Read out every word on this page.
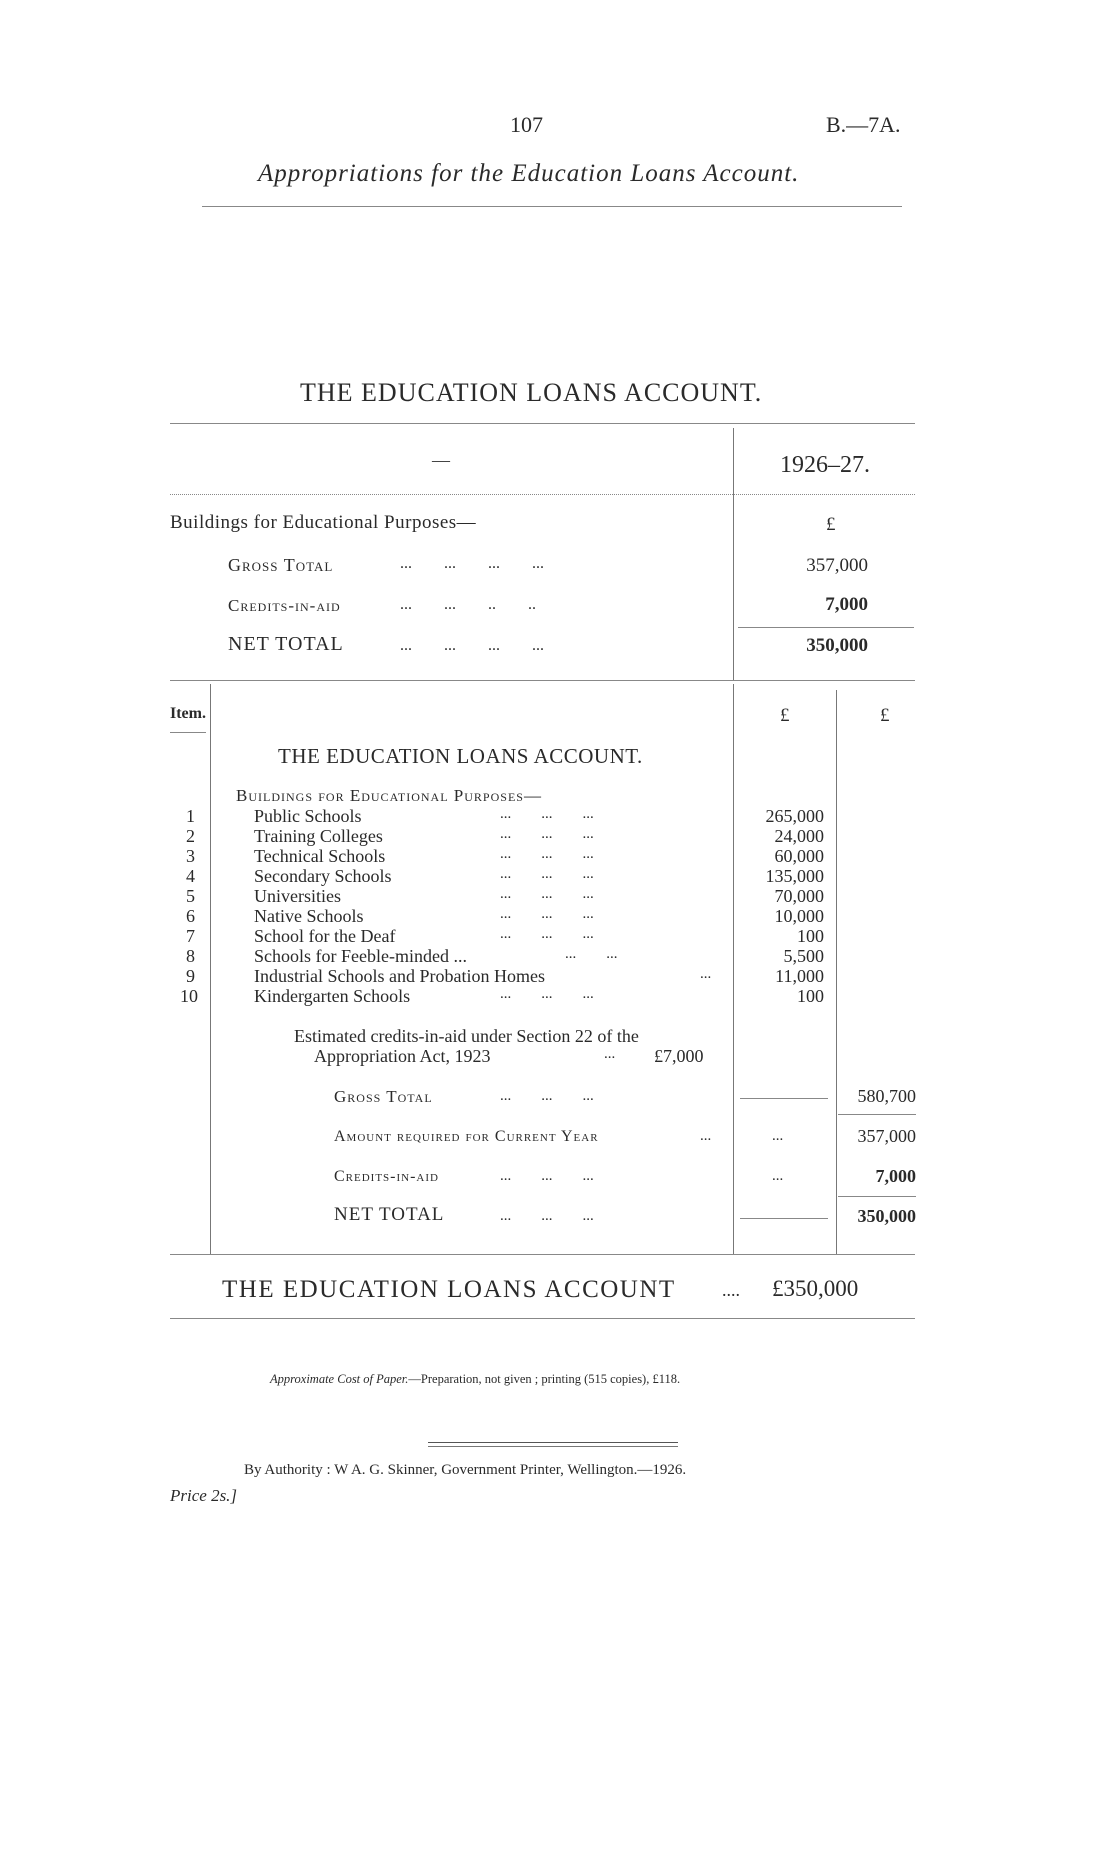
107	B.—7A.
Appropriations for the Education Loans Account.
THE EDUCATION LOANS ACCOUNT.
—	1926–27.
Buildings for Educational Purposes—	£
Gross Total	...        ...        ...        ...	357,000
Credits-in-aid	...        ...        ..        ..	7,000
NET TOTAL	...        ...        ...        ...	350,000
Item.	£	£
THE EDUCATION LOANS ACCOUNT.
Buildings for Educational Purposes—
1	Public Schools	...        ...        ...	265,000
2	Training Colleges	...        ...        ...	24,000
3	Technical Schools	...        ...        ...	60,000
4	Secondary Schools	...        ...        ...	135,000
5	Universities	...        ...        ...	70,000
6	Native Schools	...        ...        ...	10,000
7	School for the Deaf	...        ...        ...	100
8	Schools for Feeble-minded ...	...        ...	5,500
9	Industrial Schools and Probation Homes	...	11,000
10	Kindergarten Schools	...        ...        ...	100
Estimated credits-in-aid under Section 22 of the
Appropriation Act, 1923	... £7,000
Gross Total	...        ...        ...	580,700
Amount required for Current Year	...	...	357,000
Credits-in-aid	...        ...        ...	...	7,000
NET TOTAL	...        ...        ...	350,000
THE EDUCATION LOANS ACCOUNT	.... £350,000
Approximate Cost of Paper.—Preparation, not given ; printing (515 copies), £118.
By Authority : W A. G. Skinner, Government Printer, Wellington.—1926.
Price 2s.]
